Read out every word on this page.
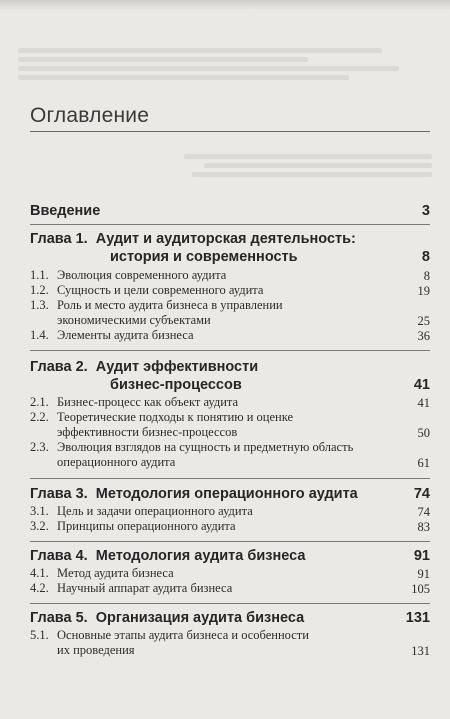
Оглавление
Введение	3
Глава 1. Аудит и аудиторская деятельность:
история и современность	8
1.1. Эволюция современного аудита	8
1.2. Сущность и цели современного аудита	19
1.3. Роль и место аудита бизнеса в управлении
экономическими субъектами	25
1.4. Элементы аудита бизнеса	36
Глава 2. Аудит эффективности
бизнес-процессов	41
2.1. Бизнес-процесс как объект аудита	41
2.2. Теоретические подходы к понятию и оценке
эффективности бизнес-процессов	50
2.3. Эволюция взглядов на сущность и предметную область
операционного аудита	61
Глава 3. Методология операционного аудита	74
3.1. Цель и задачи операционного аудита	74
3.2. Принципы операционного аудита	83
Глава 4. Методология аудита бизнеса	91
4.1. Метод аудита бизнеса	91
4.2. Научный аппарат аудита бизнеса	105
Глава 5. Организация аудита бизнеса	131
5.1. Основные этапы аудита бизнеса и особенности
их проведения	131
